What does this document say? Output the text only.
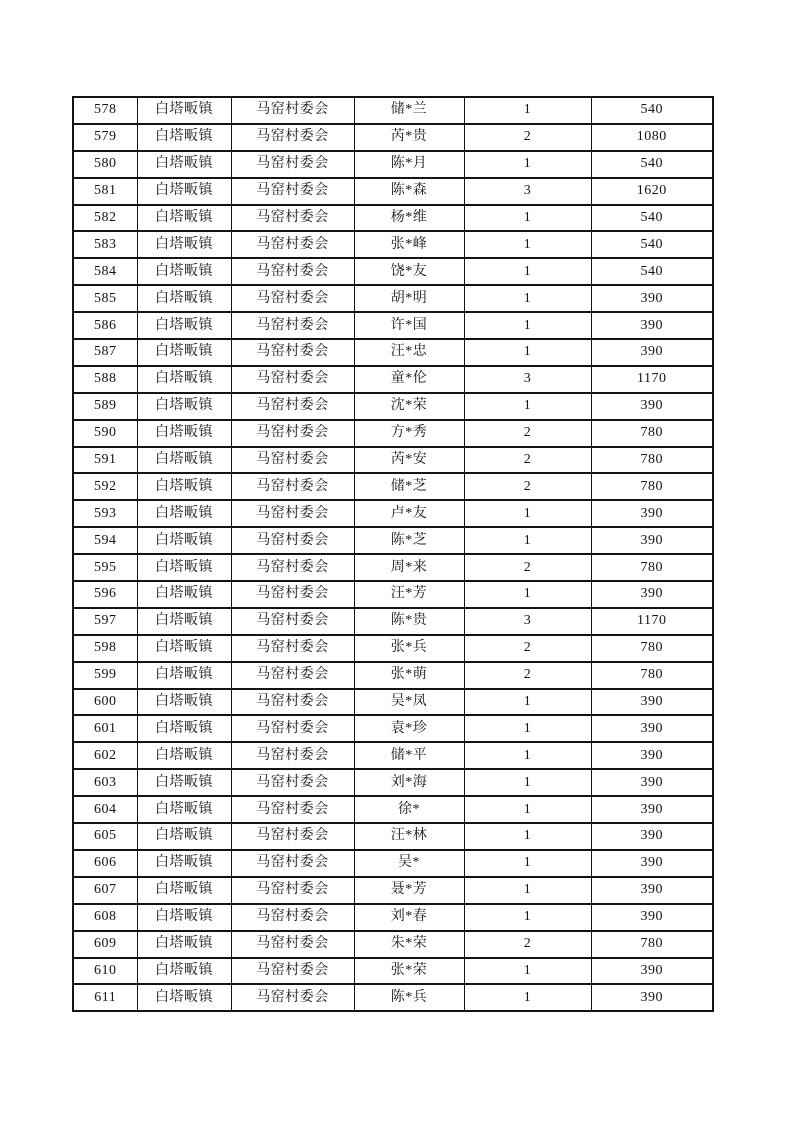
578	白塔畈镇	马窑村委会	储*兰	1	540
579	白塔畈镇	马窑村委会	芮*贵	2	1080
580	白塔畈镇	马窑村委会	陈*月	1	540
581	白塔畈镇	马窑村委会	陈*森	3	1620
582	白塔畈镇	马窑村委会	杨*维	1	540
583	白塔畈镇	马窑村委会	张*峰	1	540
584	白塔畈镇	马窑村委会	饶*友	1	540
585	白塔畈镇	马窑村委会	胡*明	1	390
586	白塔畈镇	马窑村委会	许*国	1	390
587	白塔畈镇	马窑村委会	汪*忠	1	390
588	白塔畈镇	马窑村委会	童*伦	3	1170
589	白塔畈镇	马窑村委会	沈*荣	1	390
590	白塔畈镇	马窑村委会	方*秀	2	780
591	白塔畈镇	马窑村委会	芮*安	2	780
592	白塔畈镇	马窑村委会	储*芝	2	780
593	白塔畈镇	马窑村委会	卢*友	1	390
594	白塔畈镇	马窑村委会	陈*芝	1	390
595	白塔畈镇	马窑村委会	周*来	2	780
596	白塔畈镇	马窑村委会	汪*芳	1	390
597	白塔畈镇	马窑村委会	陈*贵	3	1170
598	白塔畈镇	马窑村委会	张*兵	2	780
599	白塔畈镇	马窑村委会	张*萌	2	780
600	白塔畈镇	马窑村委会	吴*凤	1	390
601	白塔畈镇	马窑村委会	袁*珍	1	390
602	白塔畈镇	马窑村委会	储*平	1	390
603	白塔畈镇	马窑村委会	刘*海	1	390
604	白塔畈镇	马窑村委会	徐*	1	390
605	白塔畈镇	马窑村委会	汪*林	1	390
606	白塔畈镇	马窑村委会	吴*	1	390
607	白塔畈镇	马窑村委会	聂*芳	1	390
608	白塔畈镇	马窑村委会	刘*春	1	390
609	白塔畈镇	马窑村委会	朱*荣	2	780
610	白塔畈镇	马窑村委会	张*荣	1	390
611	白塔畈镇	马窑村委会	陈*兵	1	390
